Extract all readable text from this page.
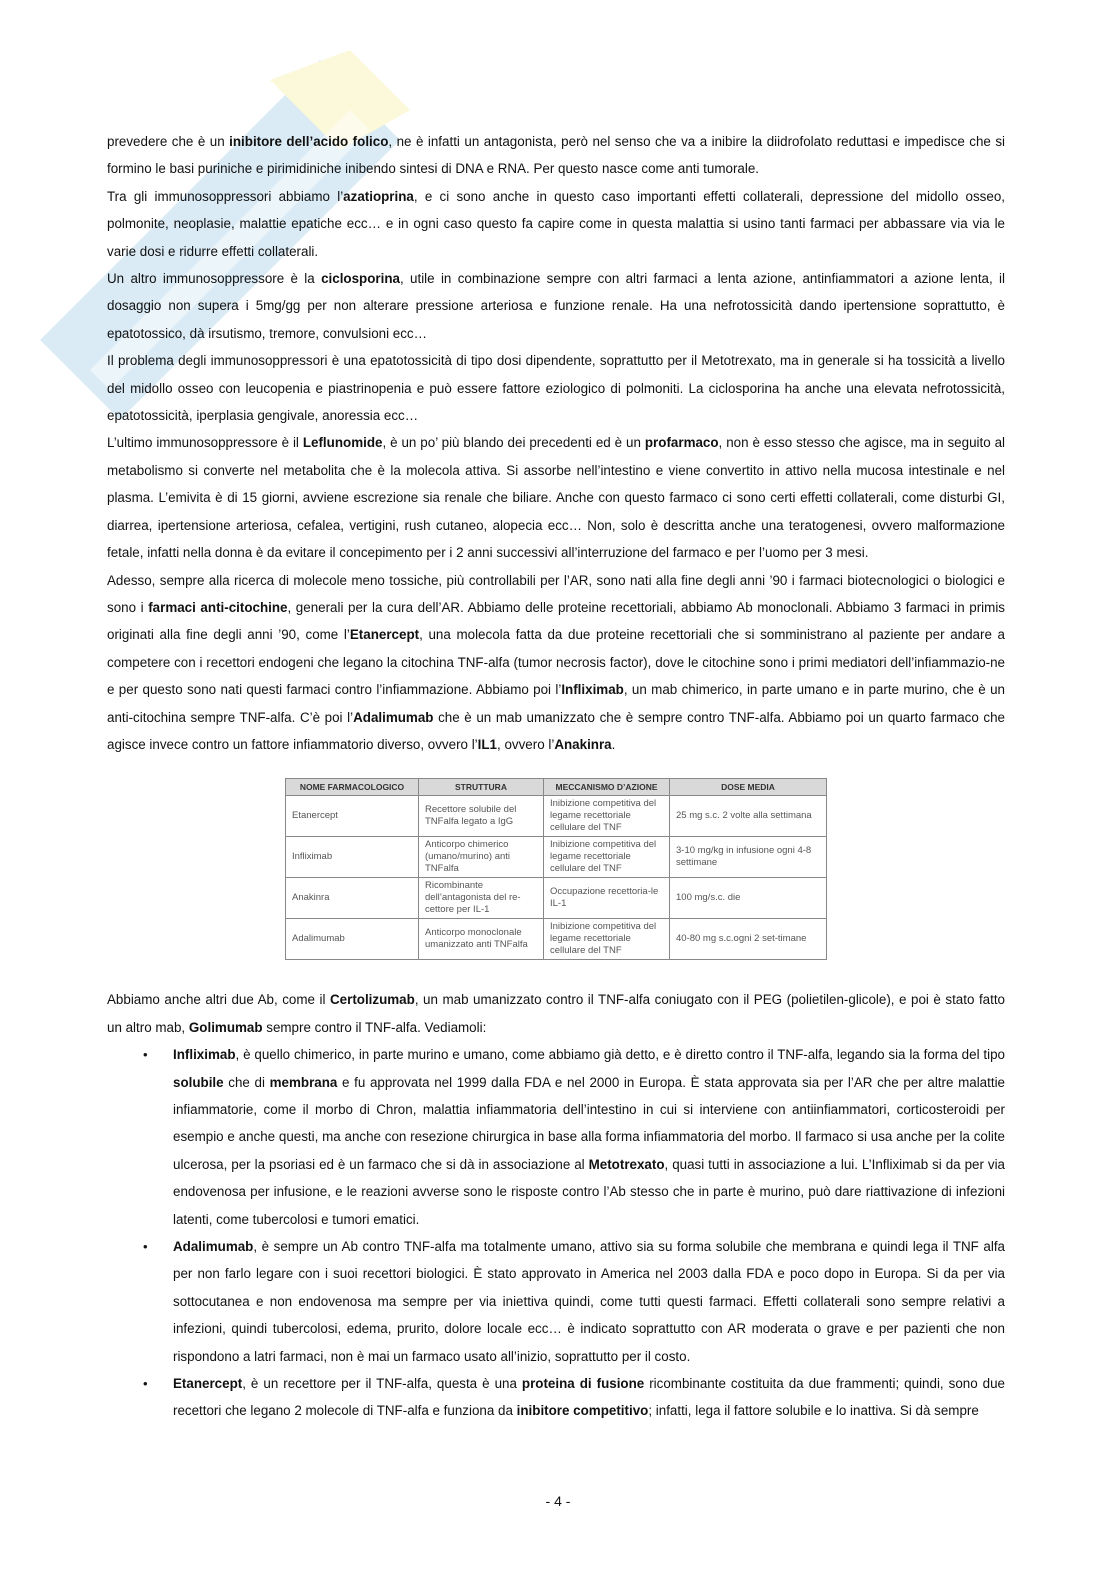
prevedere che è un inibitore dell’acido folico, ne è infatti un antagonista, però nel senso che va a inibire la diidrofolato reduttasi e impedisce che si formino le basi puriniche e pirimidiniche inibendo sintesi di DNA e RNA. Per questo nasce come anti tumorale.

Tra gli immunosoppressori abbiamo l’azatioprina, e ci sono anche in questo caso importanti effetti collaterali, depressione del midollo osseo, polmonite, neoplasie, malattie epatiche ecc… e in ogni caso questo fa capire come in questa malattia si usino tanti farmaci per abbassare via via le varie dosi e ridurre effetti collaterali.

Un altro immunosoppressore è la ciclosporina, utile in combinazione sempre con altri farmaci a lenta azione, antinfiammatori a azione lenta, il dosaggio non supera i 5mg/gg per non alterare pressione arteriosa e funzione renale. Ha una nefrotossicità dando ipertensione soprattutto, è epatotossico, dà irsutismo, tremore, convulsioni ecc…

Il problema degli immunosoppressori è una epatotossicità di tipo dosi dipendente, soprattutto per il Metotrexato, ma in generale si ha tossicità a livello del midollo osseo con leucopenia e piastrinopenia e può essere fattore eziologico di polmoniti. La ciclosporina ha anche una elevata nefrotossicità, epatotossicità, iperplasia gengivale, anoressia ecc…

L’ultimo immunosoppressore è il Leflunomide, è un po’ più blando dei precedenti ed è un profarmaco, non è esso stesso che agisce, ma in seguito al metabolismo si converte nel metabolita che è la molecola attiva. Si assorbe nell’intestino e viene convertito in attivo nella mucosa intestinale e nel plasma. L’emivita è di 15 giorni, avviene escrezione sia renale che biliare. Anche con questo farmaco ci sono certi effetti collaterali, come disturbi GI, diarrea, ipertensione arteriosa, cefalea, vertigini, rush cutaneo, alopecia ecc… Non, solo è descritta anche una teratogenesi, ovvero malformazione fetale, infatti nella donna è da evitare il concepimento per i 2 anni successivi all’interruzione del farmaco e per l’uomo per 3 mesi.

Adesso, sempre alla ricerca di molecole meno tossiche, più controllabili per l’AR, sono nati alla fine degli anni ’90 i farmaci biotecnologici o biologici e sono i farmaci anti-citochine, generali per la cura dell’AR. Abbiamo delle proteine recettoriali, abbiamo Ab monoclonali. Abbiamo 3 farmaci in primis originati alla fine degli anni ’90, come l’Etanercept, una molecola fatta da due proteine recettoriali che si somministrano al paziente per andare a competere con i recettori endogeni che legano la citochina TNF-alfa (tumor necrosis factor), dove le citochine sono i primi mediatori dell’infiammazio-ne e per questo sono nati questi farmaci contro l’infiammazione. Abbiamo poi l’Infliximab, un mab chimerico, in parte umano e in parte murino, che è un anti-citochina sempre TNF-alfa. C’è poi l’Adalimumab che è un mab umanizzato che è sempre contro TNF-alfa. Abbiamo poi un quarto farmaco che agisce invece contro un fattore infiammatorio diverso, ovvero l’IL1, ovvero l’Anakinra.

NOME FARMACOLOGICO	STRUTTURA	MECCANISMO D’AZIONE	DOSE MEDIA
Etanercept	Recettore solubile del TNFalfa legato a IgG	Inibizione competitiva del legame recettoriale cellulare del TNF	25 mg s.c. 2 volte alla settimana
Infliximab	Anticorpo chimerico (umano/murino) anti TNFalfa	Inibizione competitiva del legame recettoriale cellulare del TNF	3-10 mg/kg in infusione ogni 4-8 settimane
Anakinra	Ricombinante dell’antagonista del re-cettore per IL-1	Occupazione recettoria-le IL-1	100 mg/s.c. die
Adalimumab	Anticorpo monoclonale umanizzato anti TNFalfa	Inibizione competitiva del legame recettoriale cellulare del TNF	40-80 mg s.c.ogni 2 set-timane

Abbiamo anche altri due Ab, come il Certolizumab, un mab umanizzato contro il TNF-alfa coniugato con il PEG (polietilen-glicole), e poi è stato fatto un altro mab, Golimumab sempre contro il TNF-alfa. Vediamoli:

• Infliximab, è quello chimerico, in parte murino e umano, come abbiamo già detto, e è diretto contro il TNF-alfa, legando sia la forma del tipo solubile che di membrana e fu approvata nel 1999 dalla FDA e nel 2000 in Europa. È stata approvata sia per l’AR che per altre malattie infiammatorie, come il morbo di Chron, malattia infiammatoria dell’intestino in cui si interviene con antiinfiammatori, corticosteroidi per esempio e anche questi, ma anche con resezione chirurgica in base alla forma infiammatoria del morbo. Il farmaco si usa anche per la colite ulcerosa, per la psoriasi ed è un farmaco che si dà in associazione al Metotrexato, quasi tutti in associazione a lui. L’Infliximab si da per via endovenosa per infusione, e le reazioni avverse sono le risposte contro l’Ab stesso che in parte è murino, può dare riattivazione di infezioni latenti, come tubercolosi e tumori ematici.
• Adalimumab, è sempre un Ab contro TNF-alfa ma totalmente umano, attivo sia su forma solubile che membrana e quindi lega il TNF alfa per non farlo legare con i suoi recettori biologici. È stato approvato in America nel 2003 dalla FDA e poco dopo in Europa. Si da per via sottocutanea e non endovenosa ma sempre per via iniettiva quindi, come tutti questi farmaci. Effetti collaterali sono sempre relativi a infezioni, quindi tubercolosi, edema, prurito, dolore locale ecc… è indicato soprattutto con AR moderata o grave e per pazienti che non rispondono a latri farmaci, non è mai un farmaco usato all’inizio, soprattutto per il costo.
• Etanercept, è un recettore per il TNF-alfa, questa è una proteina di fusione ricombinante costituita da due frammenti; quindi, sono due recettori che legano 2 molecole di TNF-alfa e funziona da inibitore competitivo; infatti, lega il fattore solubile e lo inattiva. Si dà sempre
- 4 -
